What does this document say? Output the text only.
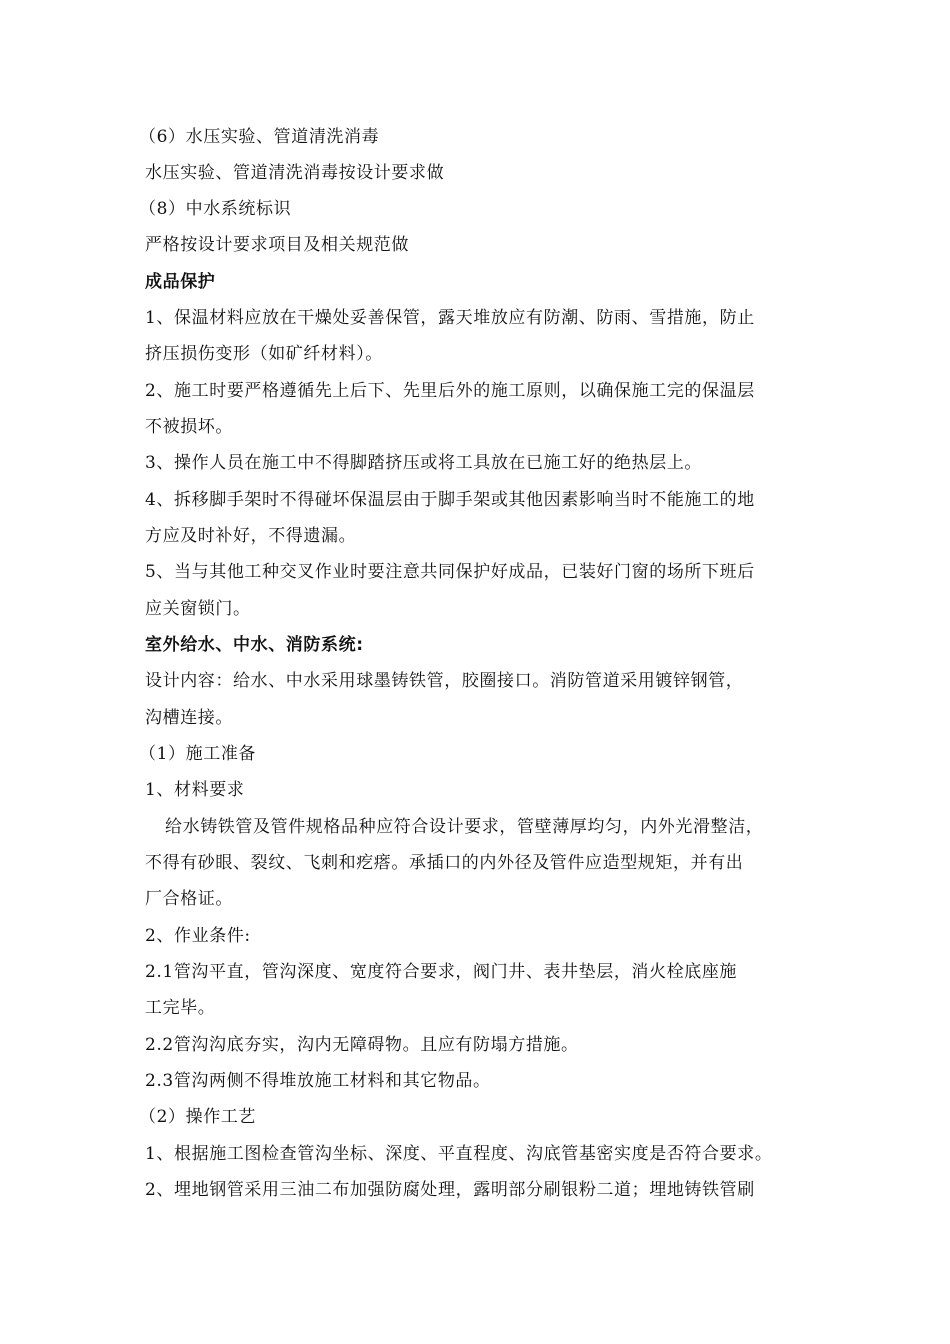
（6）水压实验、管道清洗消毒
水压实验、管道清洗消毒按设计要求做
（8）中水系统标识
严格按设计要求项目及相关规范做
成品保护
1、保温材料应放在干燥处妥善保管，露天堆放应有防潮、防雨、雪措施，防止
挤压损伤变形（如矿纤材料）。
2、施工时要严格遵循先上后下、先里后外的施工原则，以确保施工完的保温层
不被损坏。
3、操作人员在施工中不得脚踏挤压或将工具放在已施工好的绝热层上。
4、拆移脚手架时不得碰坏保温层由于脚手架或其他因素影响当时不能施工的地
方应及时补好，不得遗漏。
5、当与其他工种交叉作业时要注意共同保护好成品，已装好门窗的场所下班后
应关窗锁门。
室外给水、中水、消防系统:
设计内容：给水、中水采用球墨铸铁管，胶圈接口。消防管道采用镀锌钢管，
沟槽连接。
（1）施工准备
1、材料要求
给水铸铁管及管件规格品种应符合设计要求，管壁薄厚均匀，内外光滑整洁，
不得有砂眼、裂纹、飞刺和疙瘩。承插口的内外径及管件应造型规矩，并有出
厂合格证。
2、作业条件:
2.1管沟平直，管沟深度、宽度符合要求，阀门井、表井垫层，消火栓底座施
工完毕。
2.2管沟沟底夯实，沟内无障碍物。且应有防塌方措施。
2.3管沟两侧不得堆放施工材料和其它物品。
（2）操作工艺
1、根据施工图检查管沟坐标、深度、平直程度、沟底管基密实度是否符合要求。
2、埋地钢管采用三油二布加强防腐处理，露明部分刷银粉二道；埋地铸铁管刷
